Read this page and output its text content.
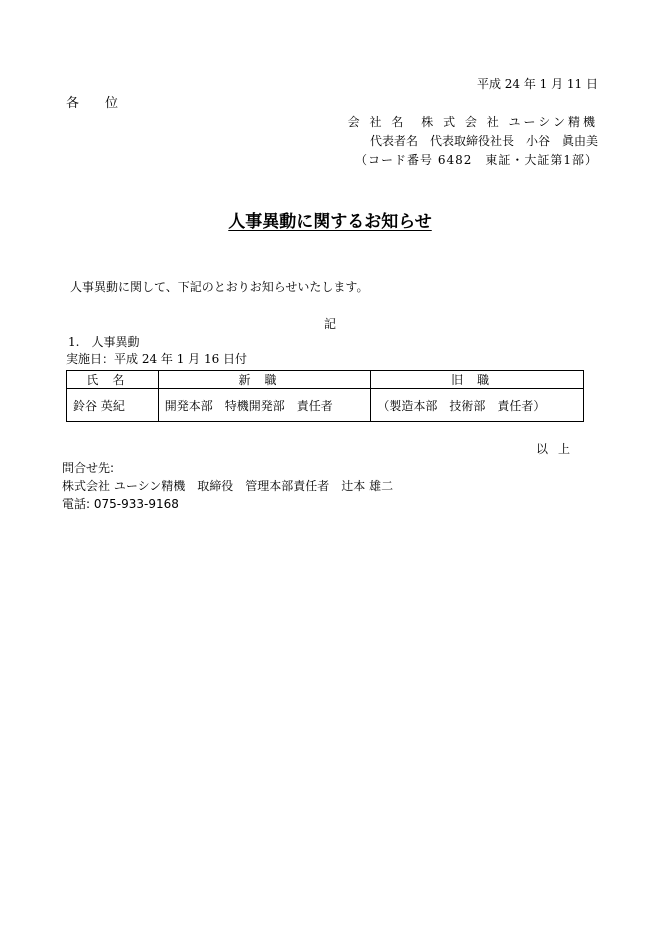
平成 24 年 1 月 11 日
各 位
会 社 名　株 式 会 社 ユーシン精機
代表者名　代表取締役社長　小谷　眞由美
（コード番号 6482　東証・大証第1部）
人事異動に関するお知らせ
人事異動に関して、下記のとおりお知らせいたします。
記
1.　人事異動
実施日：平成 24 年 1 月 16 日付
氏名	新職	旧職
鈴谷 英紀	開発本部　特機開発部　責任者	（製造本部　技術部　責任者）
以上
問合せ先:
株式会社 ユーシン精機　取締役　管理本部責任者　辻本 雄二
電話: 075-933-9168
